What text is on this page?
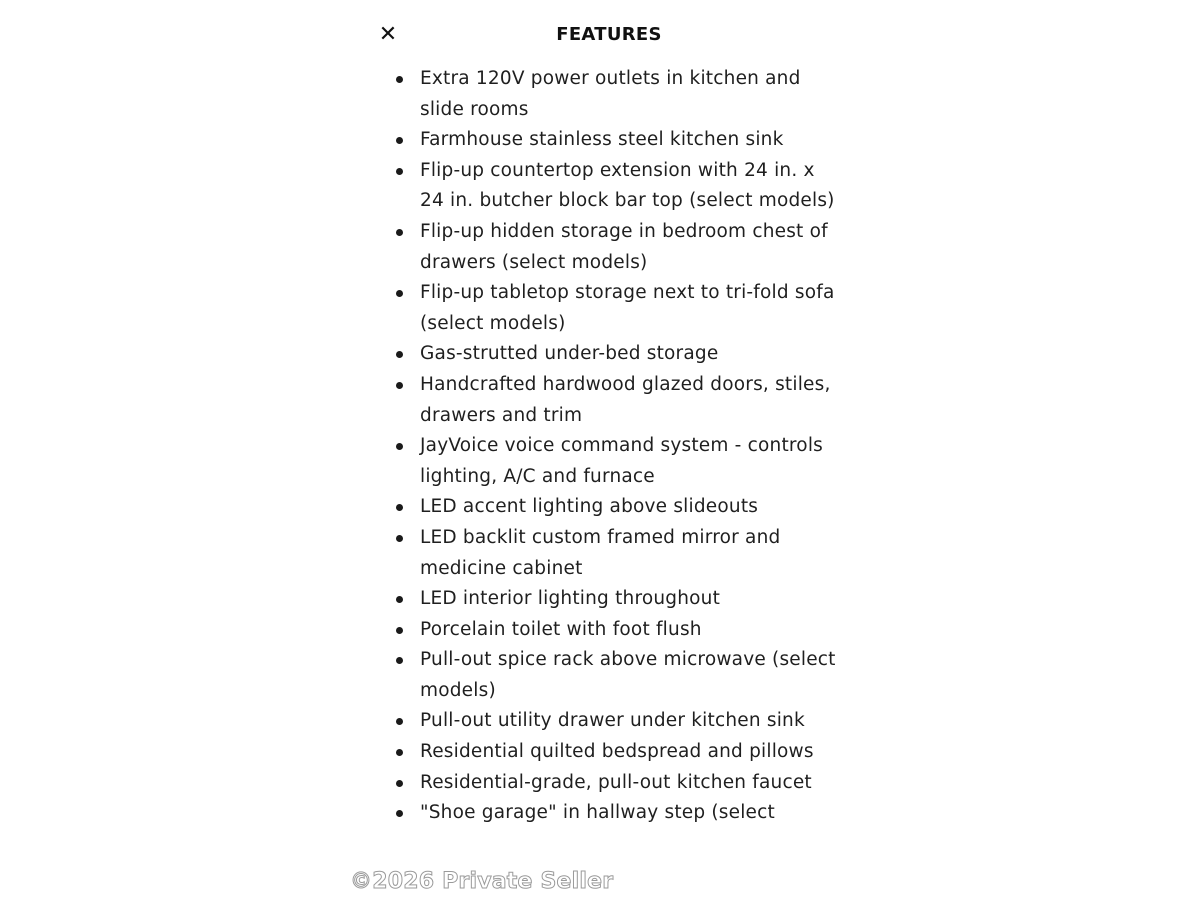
✕	FEATURES
Extra 120V power outlets in kitchen and slide rooms
Farmhouse stainless steel kitchen sink
Flip-up countertop extension with 24 in. x 24 in. butcher block bar top (select models)
Flip-up hidden storage in bedroom chest of drawers (select models)
Flip-up tabletop storage next to tri-fold sofa (select models)
Gas-strutted under-bed storage
Handcrafted hardwood glazed doors, stiles, drawers and trim
JayVoice voice command system - controls lighting, A/C and furnace
LED accent lighting above slideouts
LED backlit custom framed mirror and medicine cabinet
LED interior lighting throughout
Porcelain toilet with foot flush
Pull-out spice rack above microwave (select models)
Pull-out utility drawer under kitchen sink
Residential quilted bedspread and pillows
Residential-grade, pull-out kitchen faucet
"Shoe garage" in hallway step (select
©2026 Private Seller
